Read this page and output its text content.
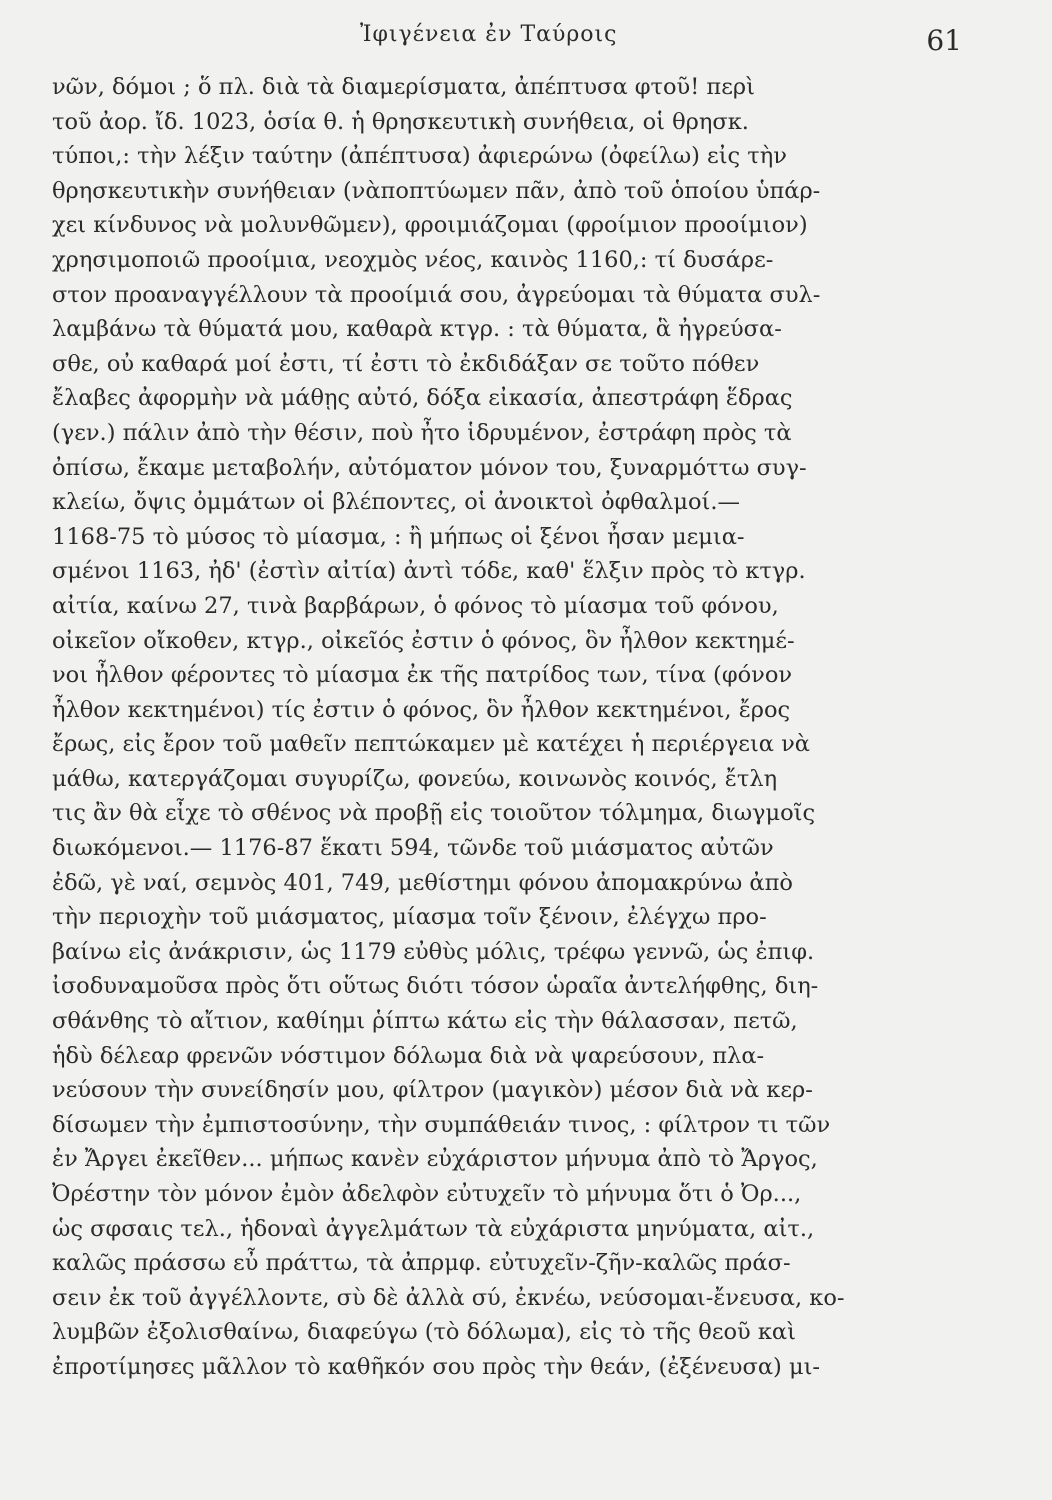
Ἰφιγένεια ἐν Ταύροις	61
νῶν, δόμοι ; ὅ πλ. διὰ τὰ διαμερίσματα, ἀπέπτυσα φτοῦ! περὶ
τοῦ ἀορ. ἴδ. 1023, ὁσία θ. ἡ θρησκευτικὴ συνήθεια, οἱ θρησκ.
τύποι,: τὴν λέξιν ταύτην (ἀπέπτυσα) ἀφιερώνω (ὀφείλω) εἰς τὴν
θρησκευτικὴν συνήθειαν (νὰποπτύωμεν πᾶν, ἀπὸ τοῦ ὁποίου ὑπάρ-
χει κίνδυνος νὰ μολυνθῶμεν), φροιμιάζομαι (φροίμιον προοίμιον)
χρησιμοποιῶ προοίμια, νεοχμὸς νέος, καινὸς 1160,: τί δυσάρε-
στον προαναγγέλλουν τὰ προοίμιά σου, ἀγρεύομαι τὰ θύματα συλ-
λαμβάνω τὰ θύματά μου, καθαρὰ κτγρ. : τὰ θύματα, ἃ ἠγρεύσα-
σθε, οὐ καθαρά μοί ἐστι, τί ἐστι τὸ ἐκδιδάξαν σε τοῦτο πόθεν
ἔλαβες ἀφορμὴν νὰ μάθῃς αὐτό, δόξα εἰκασία, ἀπεστράφη ἕδρας
(γεν.) πάλιν ἀπὸ τὴν θέσιν, ποὺ ἦτο ἱδρυμένον, ἐστράφη πρὸς τὰ
ὀπίσω, ἔκαμε μεταβολήν, αὐτόματον μόνον του, ξυναρμόττω συγ-
κλείω, ὄψις ὀμμάτων οἱ βλέποντες, οἱ ἀνοικτοὶ ὀφθαλμοί.—
1168-75 τὸ μύσος τὸ μίασμα, : ἢ μήπως οἱ ξένοι ἦσαν μεμια-
σμένοι 1163, ἠδ' (ἐστὶν αἰτία) ἀντὶ τόδε, καθ' ἕλξιν πρὸς τὸ κτγρ.
αἰτία, καίνω 27, τινὰ βαρβάρων, ὁ φόνος τὸ μίασμα τοῦ φόνου,
οἰκεῖον οἴκοθεν, κτγρ., οἰκεῖός ἐστιν ὁ φόνος, ὃν ἦλθον κεκτημέ-
νοι ἦλθον φέροντες τὸ μίασμα ἐκ τῆς πατρίδος των, τίνα (φόνον
ἦλθον κεκτημένοι) τίς ἐστιν ὁ φόνος, ὃν ἦλθον κεκτημένοι, ἔρος
ἔρως, εἰς ἔρον τοῦ μαθεῖν πεπτώκαμεν μὲ κατέχει ἡ περιέργεια νὰ
μάθω, κατεργάζομαι συγυρίζω, φονεύω, κοινωνὸς κοινός, ἔτλη
τις ἂν θὰ εἶχε τὸ σθένος νὰ προβῇ εἰς τοιοῦτον τόλμημα, διωγμοῖς
διωκόμενοι.— 1176-87 ἕκατι 594, τῶνδε τοῦ μιάσματος αὐτῶν
ἐδῶ, γὲ ναί, σεμνὸς 401, 749, μεθίστημι φόνου ἀπομακρύνω ἀπὸ
τὴν περιοχὴν τοῦ μιάσματος, μίασμα τοῖν ξένοιν, ἐλέγχω προ-
βαίνω εἰς ἀνάκρισιν, ὡς 1179 εὐθὺς μόλις, τρέφω γεννῶ, ὡς ἐπιφ.
ἰσοδυναμοῦσα πρὸς ὅτι οὕτως διότι τόσον ὡραῖα ἀντελήφθης, διη-
σθάνθης τὸ αἴτιον, καθίημι ῥίπτω κάτω εἰς τὴν θάλασσαν, πετῶ,
ἡδὺ δέλεαρ φρενῶν νόστιμον δόλωμα διὰ νὰ ψαρεύσουν, πλα-
νεύσουν τὴν συνείδησίν μου, φίλτρον (μαγικὸν) μέσον διὰ νὰ κερ-
δίσωμεν τὴν ἐμπιστοσύνην, τὴν συμπάθειάν τινος, : φίλτρον τι τῶν
ἐν Ἄργει ἐκεῖθεν... μήπως κανὲν εὐχάριστον μήνυμα ἀπὸ τὸ Ἄργος,
Ὀρέστην τὸν μόνον ἐμὸν ἀδελφὸν εὐτυχεῖν τὸ μήνυμα ὅτι ὁ Ὀρ...,
ὡς σφσαις τελ., ἡδοναὶ ἀγγελμάτων τὰ εὐχάριστα μηνύματα, αἰτ.,
καλῶς πράσσω εὖ πράττω, τὰ ἀπρμφ. εὐτυχεῖν-ζῆν-καλῶς πράσ-
σειν ἐκ τοῦ ἀγγέλλοντε, σὺ δὲ ἀλλὰ σύ, ἐκνέω, νεύσομαι-ἔνευσα, κο-
λυμβῶν ἐξολισθαίνω, διαφεύγω (τὸ δόλωμα), εἰς τὸ τῆς θεοῦ καὶ
ἐπροτίμησες μᾶλλον τὸ καθῆκόν σου πρὸς τὴν θεάν, (ἐξένευσα) μι-
